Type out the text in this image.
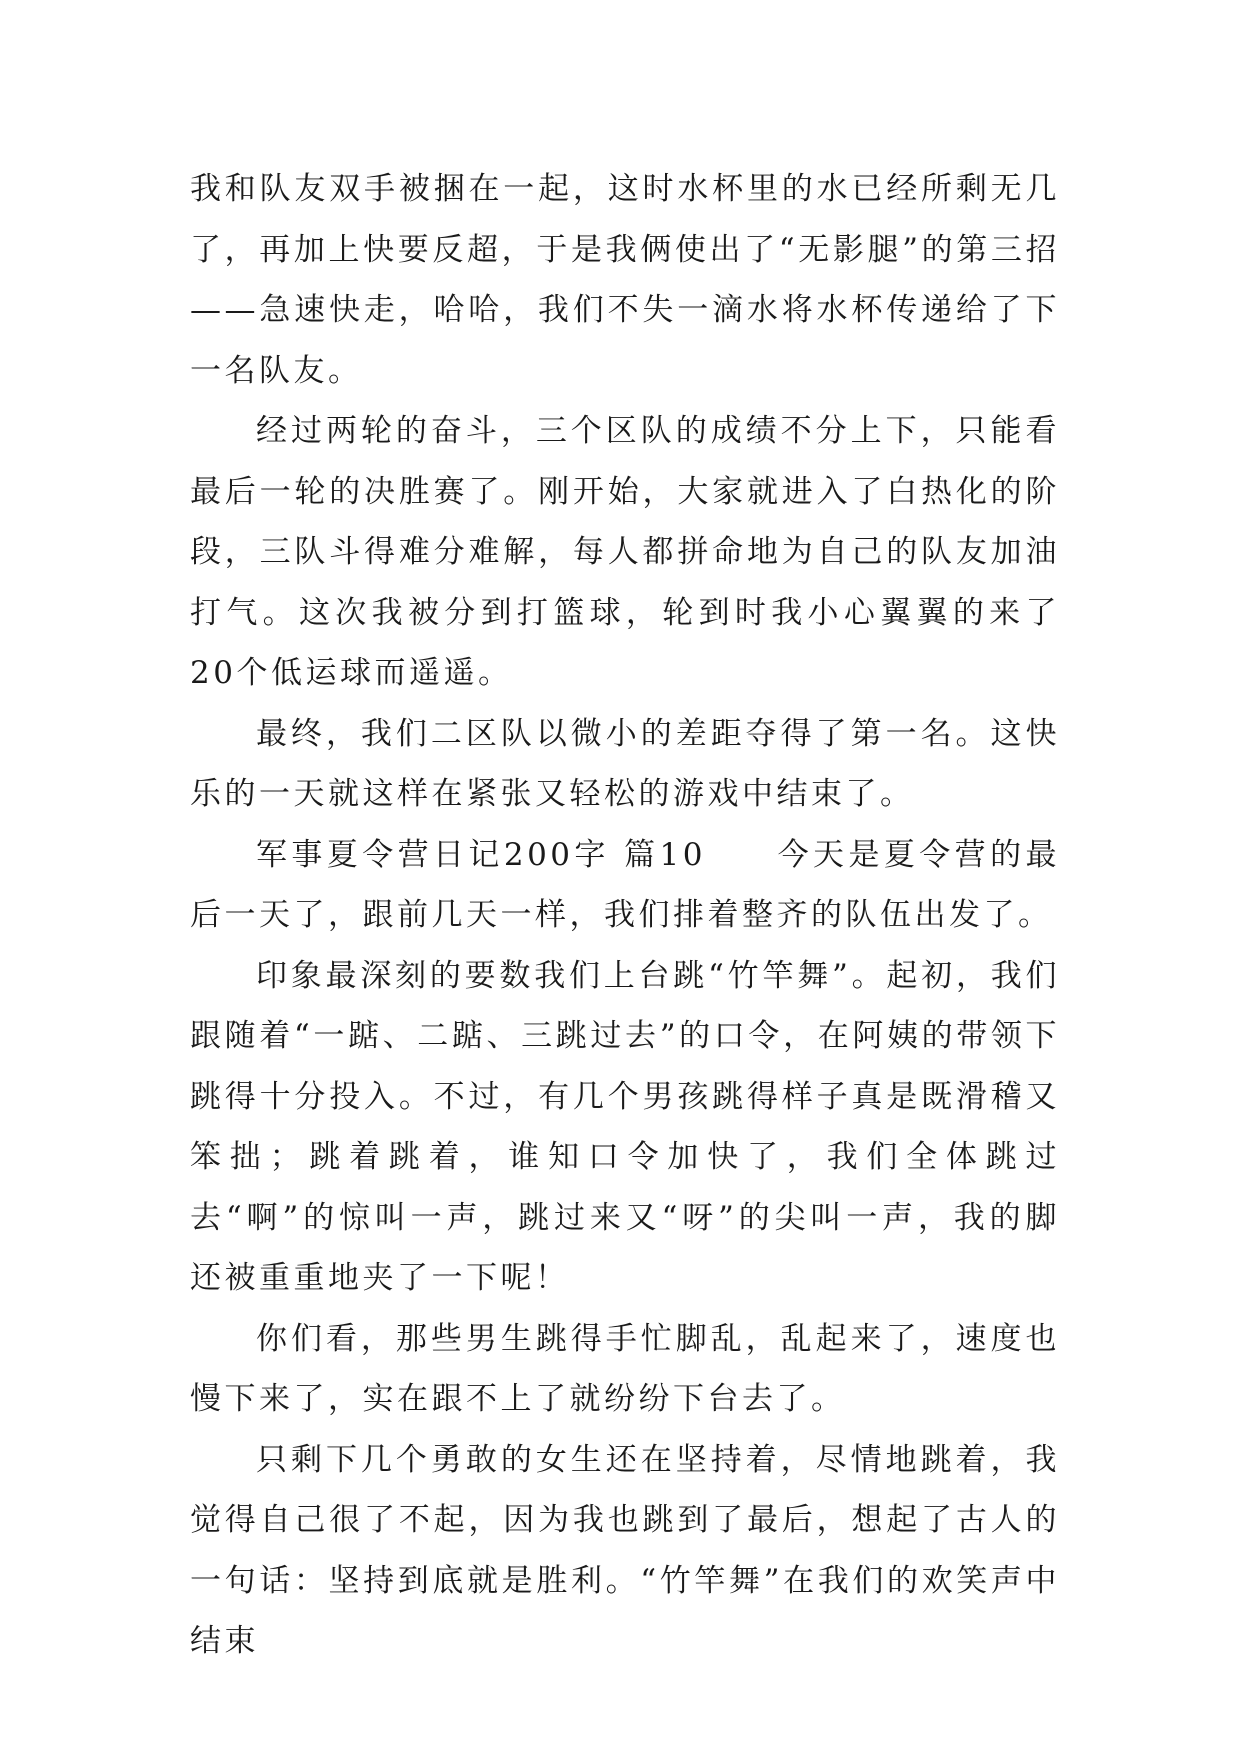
我和队友双手被捆在一起，这时水杯里的水已经所剩无几了，再加上快要反超，于是我俩使出了“无影腿”的第三招——急速快走，哈哈，我们不失一滴水将水杯传递给了下一名队友。

经过两轮的奋斗，三个区队的成绩不分上下，只能看最后一轮的决胜赛了。刚开始，大家就进入了白热化的阶段，三队斗得难分难解，每人都拼命地为自己的队友加油打气。这次我被分到打篮球，轮到时我小心翼翼的来了20个低运球而遥遥。

最终，我们二区队以微小的差距夺得了第一名。这快乐的一天就这样在紧张又轻松的游戏中结束了。

军事夏令营日记200字 篇10　　今天是夏令营的最后一天了，跟前几天一样，我们排着整齐的队伍出发了。

印象最深刻的要数我们上台跳“竹竿舞”。起初，我们跟随着“一踮、二踮、三跳过去”的口令，在阿姨的带领下跳得十分投入。不过，有几个男孩跳得样子真是既滑稽又笨拙；跳着跳着，谁知口令加快了，我们全体跳过去“啊”的惊叫一声，跳过来又“呀”的尖叫一声，我的脚还被重重地夹了一下呢！

你们看，那些男生跳得手忙脚乱，乱起来了，速度也慢下来了，实在跟不上了就纷纷下台去了。

只剩下几个勇敢的女生还在坚持着，尽情地跳着，我觉得自己很了不起，因为我也跳到了最后，想起了古人的一句话：坚持到底就是胜利。“竹竿舞”在我们的欢笑声中结束
